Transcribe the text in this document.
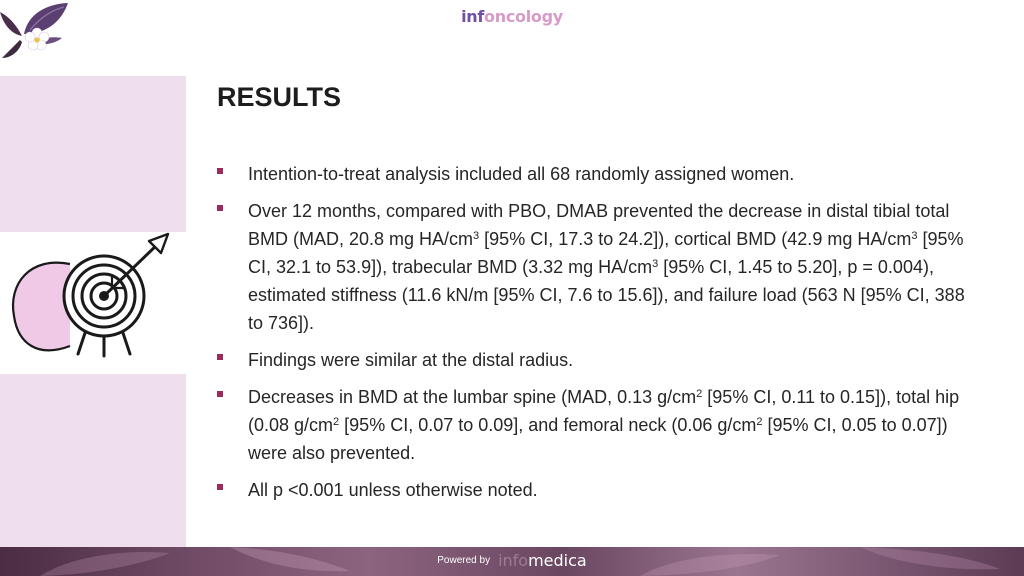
infoncology
RESULTS

Intention-to-treat analysis included all 68 randomly assigned women.

Over 12 months, compared with PBO, DMAB prevented the decrease in distal tibial total BMD (MAD, 20.8 mg $HA/cm^3$ [95% CI, 17.3 to 24.2]), cortical BMD (42.9 mg $HA/cm^3$ [95% CI, 32.1 to 53.9]), trabecular BMD (3.32 mg $HA/cm^3$ [95% CI, 1.45 to 5.20], p = 0.004), estimated stiffness (11.6 kN/m [95% CI, 7.6 to 15.6]), and failure load (563 N [95% CI, 388 to 736]).

Findings were similar at the distal radius.

Decreases in BMD at the lumbar spine (MAD, 0.13 $g/cm^2$ [95% CI, 0.11 to 0.15]), total hip (0.08 $g/cm^2$ [95% CI, 0.07 to 0.09], and femoral neck (0.06 $g/cm^2$ [95% CI, 0.05 to 0.07]) were also prevented.

All p <0.001 unless otherwise noted.

Powered by infomedica
